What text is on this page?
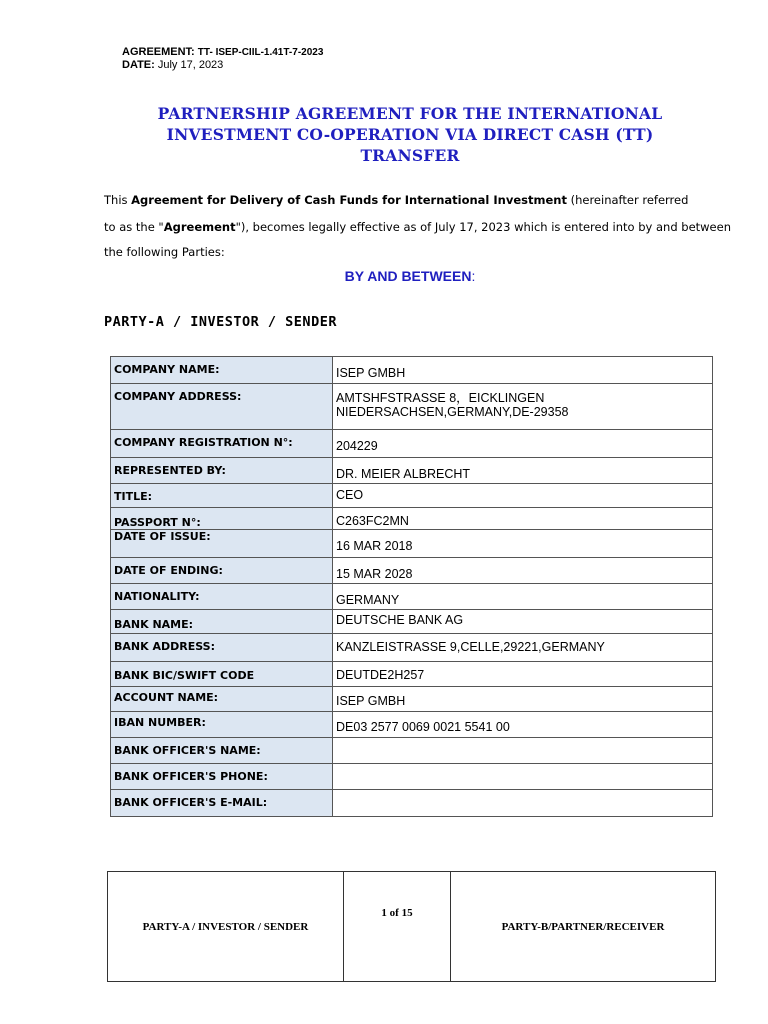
AGREEMENT: TT- ISEP-CIIL-1.41T-7-2023
DATE: July 17, 2023
PARTNERSHIP AGREEMENT FOR THE INTERNATIONAL
INVESTMENT CO-OPERATION VIA DIRECT CASH (TT)
TRANSFER
This Agreement for Delivery of Cash Funds for International Investment (hereinafter referred
to as the "Agreement"), becomes legally effective as of July 17, 2023 which is entered into by and between
the following Parties:
BY AND BETWEEN:
PARTY-A / INVESTOR / SENDER
COMPANY NAME:	ISEP GMBH
COMPANY ADDRESS:	AMTSHFSTRASSE 8，EICKLINGEN NIEDERSACHSEN,GERMANY,DE-29358
COMPANY REGISTRATION N°:	204229
REPRESENTED BY:	DR. MEIER ALBRECHT
TITLE:	CEO
PASSPORT N°:	C263FC2MN
DATE OF ISSUE:	16 MAR 2018
DATE OF ENDING:	15 MAR 2028
NATIONALITY:	GERMANY
BANK NAME:	DEUTSCHE BANK AG
BANK ADDRESS:	KANZLEISTRASSE 9,CELLE,29221,GERMANY
BANK BIC/SWIFT CODE	DEUTDE2H257
ACCOUNT NAME:	ISEP GMBH
IBAN NUMBER:	DE03 2577 0069 0021 5541 00
BANK OFFICER'S NAME:	
BANK OFFICER'S PHONE:	
BANK OFFICER'S E-MAIL:	
PARTY-A / INVESTOR / SENDER

1 of 15

PARTY-B/PARTNER/RECEIVER
